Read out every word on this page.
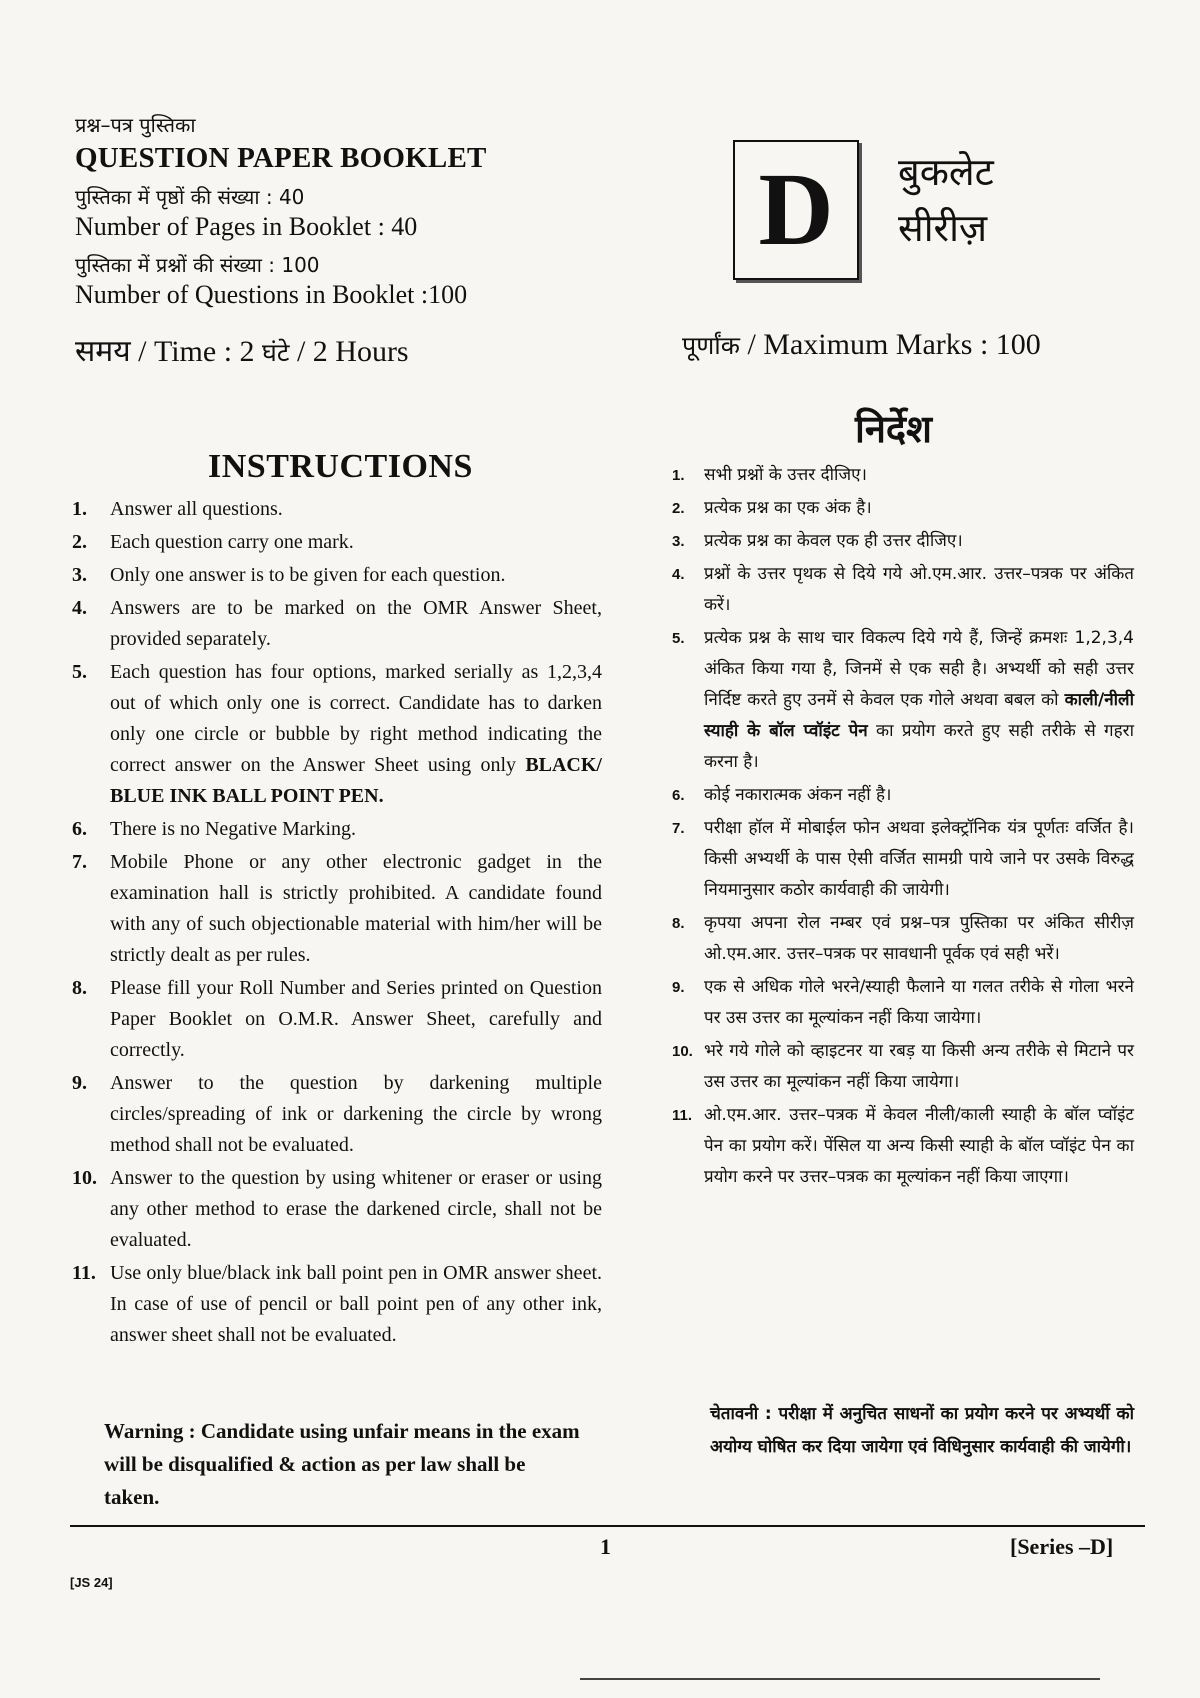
प्रश्न–पत्र पुस्तिका
QUESTION PAPER BOOKLET
पुस्तिका में पृष्ठों की संख्या : 40
Number of Pages in Booklet : 40
पुस्तिका में प्रश्नों की संख्या : 100
Number of Questions in Booklet :100
समय / Time : 2 घंटे / 2 Hours
D	बुकलेट
सीरीज़
पूर्णांक / Maximum Marks : 100
INSTRUCTIONS
निर्देश
1.	Answer all questions.
2.	Each question carry one mark.
3.	Only one answer is to be given for each question.
4.	Answers are to be marked on the OMR Answer Sheet, provided separately.
5.	Each question has four options, marked serially as 1,2,3,4 out of which only one is correct. Candidate has to darken only one circle or bubble by right method indicating the correct answer on the Answer Sheet using only BLACK/ BLUE INK BALL POINT PEN.
6.	There is no Negative Marking.
7.	Mobile Phone or any other electronic gadget in the examination hall is strictly prohibited. A candidate found with any of such objectionable material with him/her will be strictly dealt as per rules.
8.	Please fill your Roll Number and Series printed on Question Paper Booklet on O.M.R. Answer Sheet, carefully and correctly.
9.	Answer to the question by darkening multiple circles/spreading of ink or darkening the circle by wrong method shall not be evaluated.
10. Answer to the question by using whitener or eraser or using any other method to erase the darkened circle, shall not be evaluated.
11. Use only blue/black ink ball point pen in OMR answer sheet. In case of use of pencil or ball point pen of any other ink, answer sheet shall not be evaluated.
Warning : Candidate using unfair means in the exam will be disqualified & action as per law shall be taken.
1.	सभी प्रश्नों के उत्तर दीजिए।
2.	प्रत्येक प्रश्न का एक अंक है।
3.	प्रत्येक प्रश्न का केवल एक ही उत्तर दीजिए।
4.	प्रश्नों के उत्तर पृथक से दिये गये ओ.एम.आर. उत्तर–पत्रक पर अंकित करें।
5.	प्रत्येक प्रश्न के साथ चार विकल्प दिये गये हैं, जिन्हें क्रमशः 1,2,3,4 अंकित किया गया है, जिनमें से एक सही है। अभ्यर्थी को सही उत्तर निर्दिष्ट करते हुए उनमें से केवल एक गोले अथवा बबल को काली/नीली स्याही के बॉल प्वॉइंट पेन का प्रयोग करते हुए सही तरीके से गहरा करना है।
6.	कोई नकारात्मक अंकन नहीं है।
7.	परीक्षा हॉल में मोबाईल फोन अथवा इलेक्ट्रॉनिक यंत्र पूर्णतः वर्जित है। किसी अभ्यर्थी के पास ऐसी वर्जित सामग्री पाये जाने पर उसके विरुद्ध नियमानुसार कठोर कार्यवाही की जायेगी।
8.	कृपया अपना रोल नम्बर एवं प्रश्न–पत्र पुस्तिका पर अंकित सीरीज़ ओ.एम.आर. उत्तर–पत्रक पर सावधानी पूर्वक एवं सही भरें।
9.	एक से अधिक गोले भरने/स्याही फैलाने या गलत तरीके से गोला भरने पर उस उत्तर का मूल्यांकन नहीं किया जायेगा।
10. भरे गये गोले को व्हाइटनर या रबड़ या किसी अन्य तरीके से मिटाने पर उस उत्तर का मूल्यांकन नहीं किया जायेगा।
11. ओ.एम.आर. उत्तर–पत्रक में केवल नीली/काली स्याही के बॉल प्वॉइंट पेन का प्रयोग करें। पेंसिल या अन्य किसी स्याही के बॉल प्वॉइंट पेन का प्रयोग करने पर उत्तर–पत्रक का मूल्यांकन नहीं किया जाएगा।
चेतावनी : परीक्षा में अनुचित साधनों का प्रयोग करने पर अभ्यर्थी को अयोग्य घोषित कर दिया जायेगा एवं विधिनुसार कार्यवाही की जायेगी।
1	[Series –D]
[JS 24]
